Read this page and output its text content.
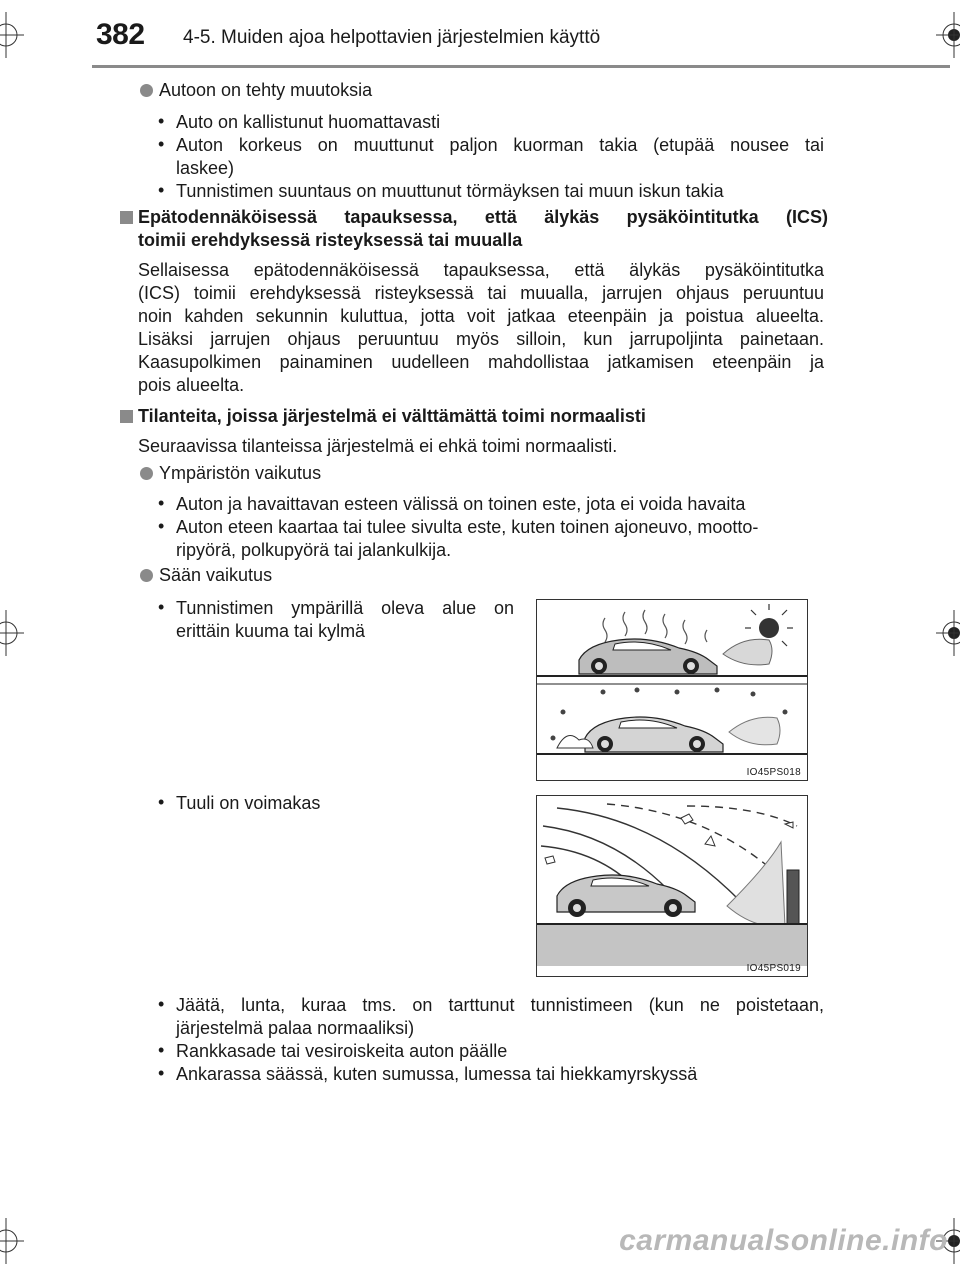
382 4-5. Muiden ajoa helpottavien järjestelmien käyttö
Autoon on tehty muutoksia
• Auto on kallistunut huomattavasti
• Auton korkeus on muuttunut paljon kuorman takia (etupää nousee tai
laskee)
• Tunnistimen suuntaus on muuttunut törmäyksen tai muun iskun takia
Epätodennäköisessä tapauksessa, että älykäs pysäköintitutka (ICS)
toimii erehdyksessä risteyksessä tai muualla
Sellaisessa epätodennäköisessä tapauksessa, että älykäs pysäköintitutka
(ICS) toimii erehdyksessä risteyksessä tai muualla, jarrujen ohjaus peruuntuu
noin kahden sekunnin kuluttua, jotta voit jatkaa eteenpäin ja poistua alueelta.
Lisäksi jarrujen ohjaus peruuntuu myös silloin, kun jarrupoljinta painetaan.
Kaasupolkimen painaminen uudelleen mahdollistaa jatkamisen eteenpäin ja
pois alueelta.
Tilanteita, joissa järjestelmä ei välttämättä toimi normaalisti
Seuraavissa tilanteissa järjestelmä ei ehkä toimi normaalisti.
Ympäristön vaikutus
• Auton ja havaittavan esteen välissä on toinen este, jota ei voida havaita
• Auton eteen kaartaa tai tulee sivulta este, kuten toinen ajoneuvo, mootto-
ripyörä, polkupyörä tai jalankulkija.
Sään vaikutus
• Tunnistimen ympärillä oleva alue on
erittäin kuuma tai kylmä
IO45PS018
• Tuuli on voimakas
IO45PS019
• Jäätä, lunta, kuraa tms. on tarttunut tunnistimeen (kun ne poistetaan,
järjestelmä palaa normaaliksi)
• Rankkasade tai vesiroiskeita auton päälle
• Ankarassa säässä, kuten sumussa, lumessa tai hiekkamyrskyssä
carmanualsonline.info
